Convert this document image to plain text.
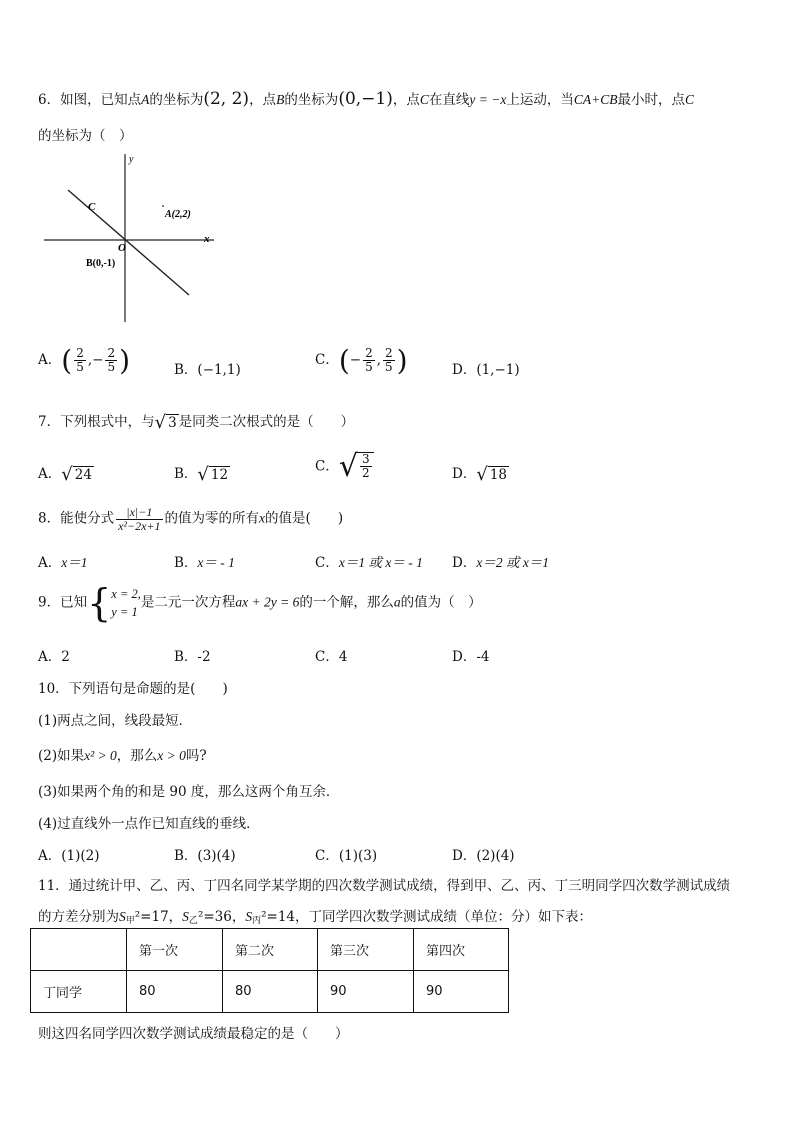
6．如图，已知点A的坐标为(2, 2)，点B的坐标为(0,−1)，点C在直线y = −x上运动，当CA+CB最小时，点C
的坐标为（　）
y
x
C
A(2,2)
O
B(0,-1)
A．( $\frac{2}{5}$ ,− $\frac{2}{5}$ )	B．(−1,1)
C．(− $\frac{2}{5}$ , $\frac{2}{5}$ )	D．(1,−1)
7．下列根式中，与 √ 3 是同类二次根式的是（　　）
A． √ 24	B． √ 12	C． √ $\frac{3}{2}$	D． √ 18
8．能使分式 $\frac{|x|-1}{\text{x²−2x+1}}$ 的值为零的所有x的值是(　　)
A．x＝1	B．x＝ - 1	C．x＝1 或 x＝ - 1 D．x＝2 或 x＝1
9．已知{ x = 2,
y = 1
是二元一次方程ax + 2y = 6的一个解，那么a的值为（　）
A．2	B．-2	C．4	D．-4
10．下列语句是命题的是(　　)
(1)两点之间，线段最短．
(2)如果x² > 0，那么x > 0吗?
(3)如果两个角的和是 90 度，那么这两个角互余．
(4)过直线外一点作已知直线的垂线．
A．(1)(2)	B．(3)(4)	C．(1)(3)	D．(2)(4)
11．通过统计甲、乙、丙、丁四名同学某学期的四次数学测试成绩，得到甲、乙、丙、丁三明同学四次数学测试成绩
的方差分别为$S_甲^2=17$，$S_乙^2=36$，$S_丙^2=14$，丁同学四次数学测试成绩（单位：分）如下表：
	第一次	第二次	第三次	第四次
丁同学	80	80	90	90
则这四名同学四次数学测试成绩最稳定的是（　　）
